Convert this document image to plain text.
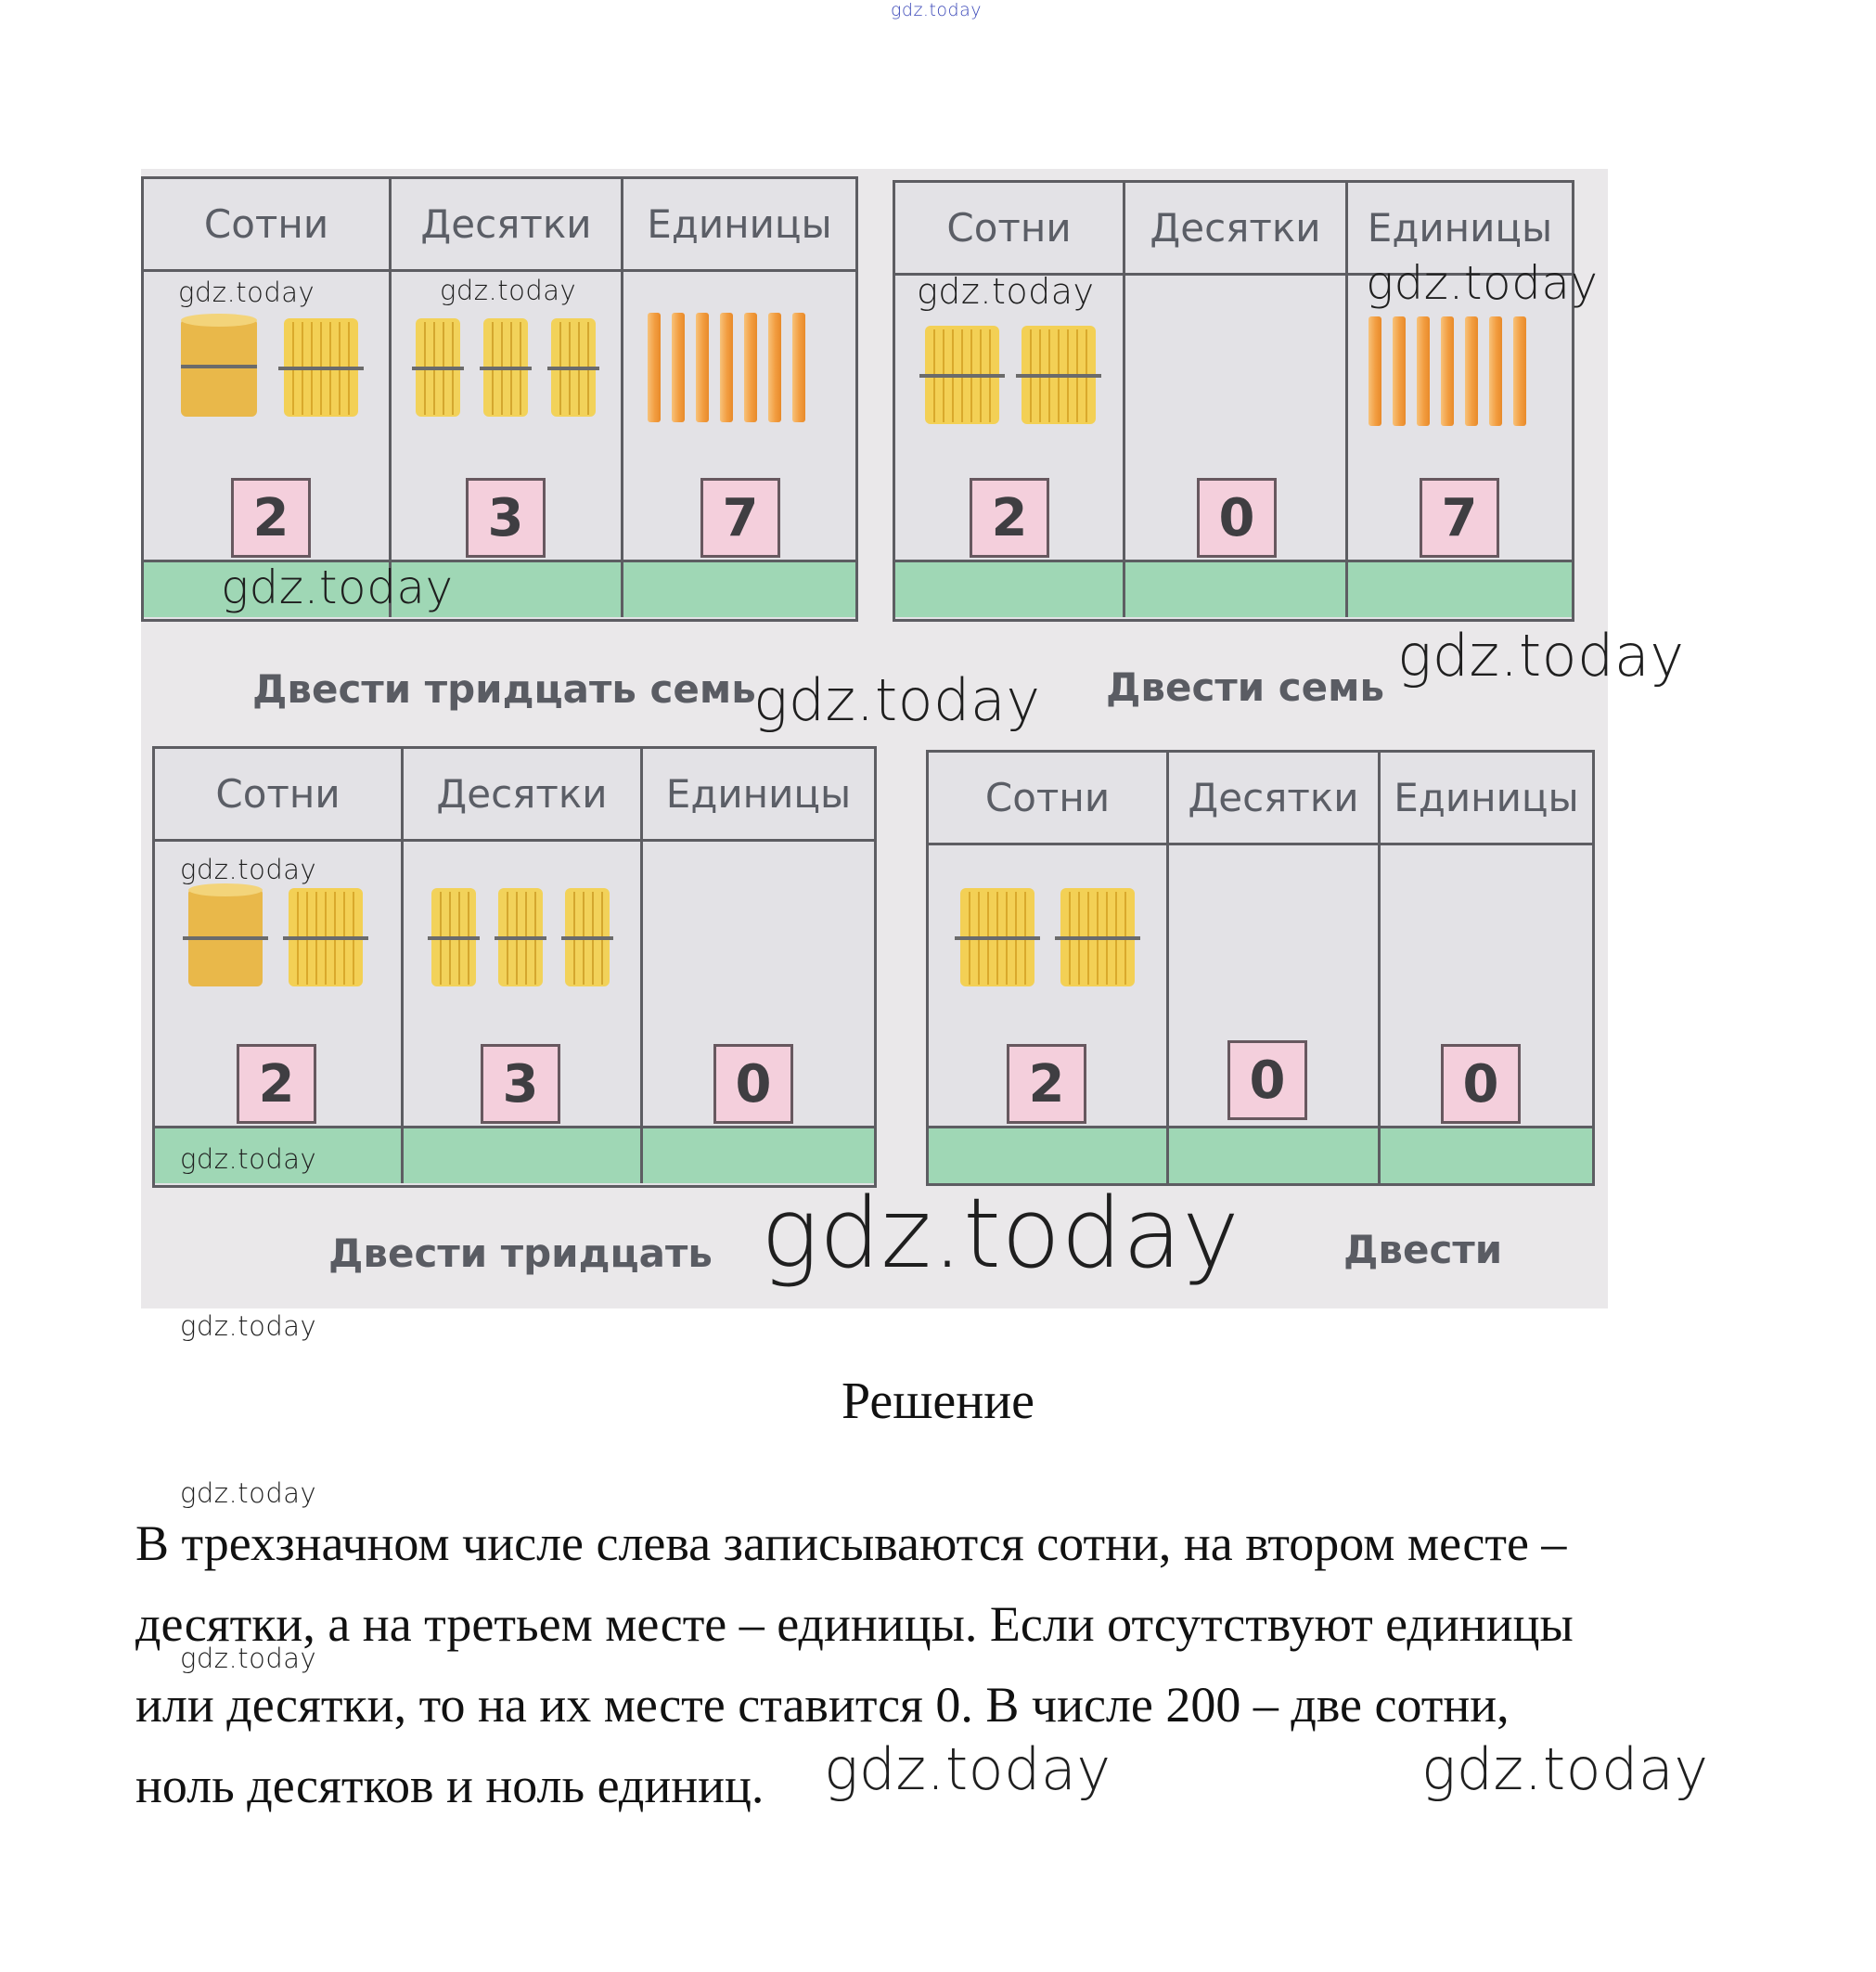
gdz.today
Сотни	Десятки	Единицы
2	3	7
Двести тридцать семь
Сотни	Десятки	Единицы
2	0	7
Двести семь
Сотни	Десятки	Единицы
2	3	0
Двести тридцать
Сотни	Десятки Единицы
2	0	0
Двести
gdz.today	gdz.today	gdz.today	gdz.today
gdz.today
gdz.today
gdz.today
gdz.today
gdz.today
gdz.today
gdz.today
gdz.today
gdz.today
gdz.today	gdz.today
Решение
В трехзначном числе слева записываются сотни, на втором месте –
десятки, а на третьем месте – единицы. Если отсутствуют единицы
или десятки, то на их месте ставится 0. В числе 200 – две сотни,
ноль десятков и ноль единиц.
